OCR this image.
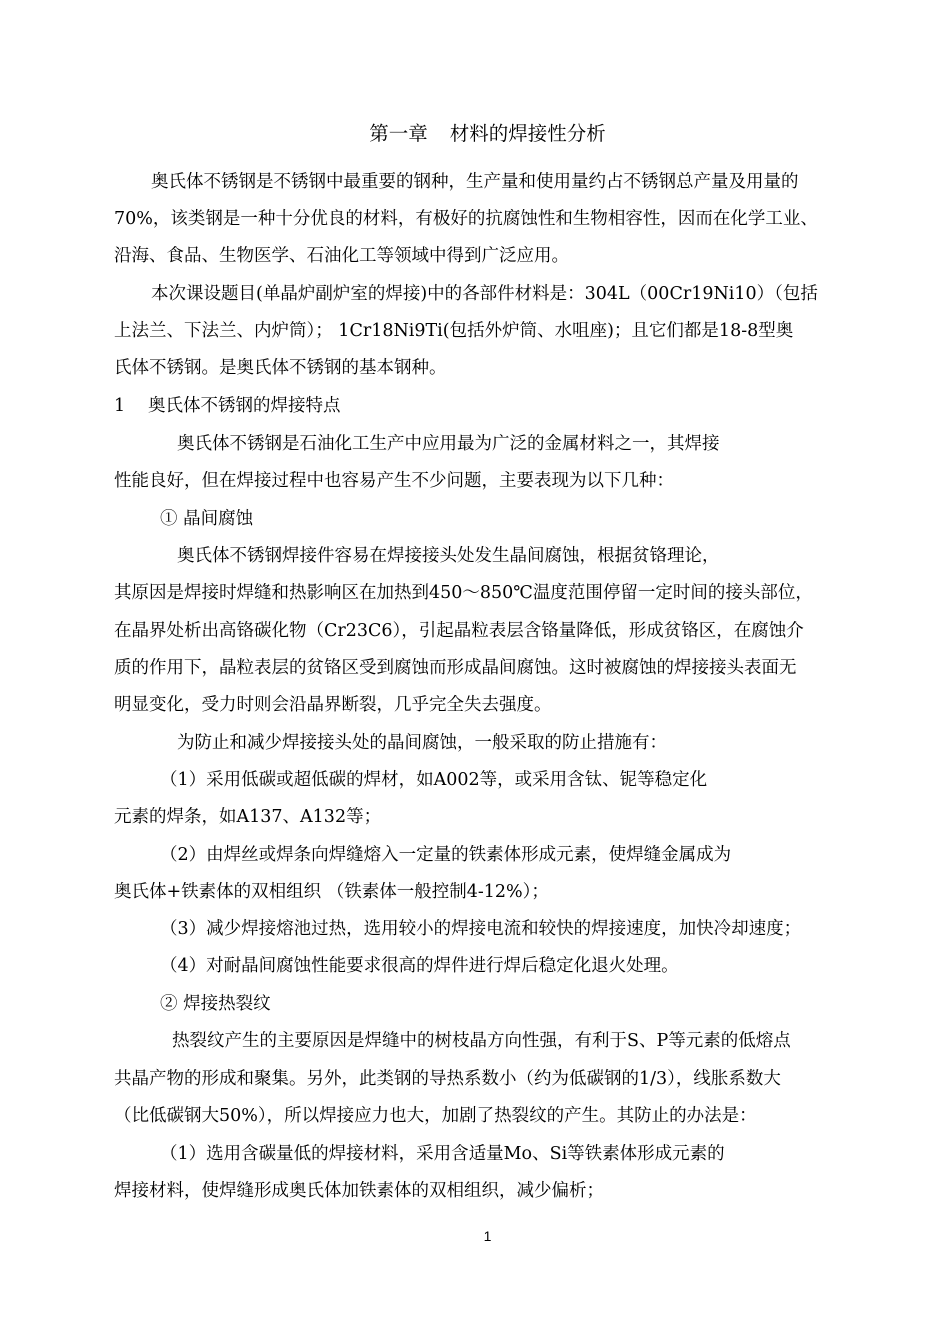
第一章 材料的焊接性分析
奥氏体不锈钢是不锈钢中最重要的钢种，生产量和使用量约占不锈钢总产量及用量的
70%，该类钢是一种十分优良的材料，有极好的抗腐蚀性和生物相容性，因而在化学工业、
沿海、食品、生物医学、石油化工等领域中得到广泛应用。
本次课设题目(单晶炉副炉室的焊接)中的各部件材料是：304L（00Cr19Ni10）（包括
上法兰、下法兰、内炉筒）； 1Cr18Ni9Ti(包括外炉筒、水咀座)；且它们都是18-8型奥
氏体不锈钢。是奥氏体不锈钢的基本钢种。
1 奥氏体不锈钢的焊接特点
奥氏体不锈钢是石油化工生产中应用最为广泛的金属材料之一，其焊接
性能良好，但在焊接过程中也容易产生不少问题，主要表现为以下几种：
① 晶间腐蚀
奥氏体不锈钢焊接件容易在焊接接头处发生晶间腐蚀，根据贫铬理论，
其原因是焊接时焊缝和热影响区在加热到450～850℃温度范围停留一定时间的接头部位，
在晶界处析出高铬碳化物（Cr23C6），引起晶粒表层含铬量降低，形成贫铬区，在腐蚀介
质的作用下，晶粒表层的贫铬区受到腐蚀而形成晶间腐蚀。这时被腐蚀的焊接接头表面无
明显变化，受力时则会沿晶界断裂，几乎完全失去强度。
为防止和减少焊接接头处的晶间腐蚀，一般采取的防止措施有：
（1）采用低碳或超低碳的焊材，如A002等，或采用含钛、铌等稳定化
元素的焊条，如A137、A132等；
（2）由焊丝或焊条向焊缝熔入一定量的铁素体形成元素，使焊缝金属成为
奥氏体+铁素体的双相组织 （铁素体一般控制4-12%）；
（3）减少焊接熔池过热，选用较小的焊接电流和较快的焊接速度，加快冷却速度；
（4）对耐晶间腐蚀性能要求很高的焊件进行焊后稳定化退火处理。
② 焊接热裂纹
热裂纹产生的主要原因是焊缝中的树枝晶方向性强，有利于S、P等元素的低熔点
共晶产物的形成和聚集。另外，此类钢的导热系数小（约为低碳钢的1/3），线胀系数大
（比低碳钢大50%），所以焊接应力也大，加剧了热裂纹的产生。其防止的办法是：
（1）选用含碳量低的焊接材料，采用含适量Mo、Si等铁素体形成元素的
焊接材料，使焊缝形成奥氏体加铁素体的双相组织，减少偏析；
1
